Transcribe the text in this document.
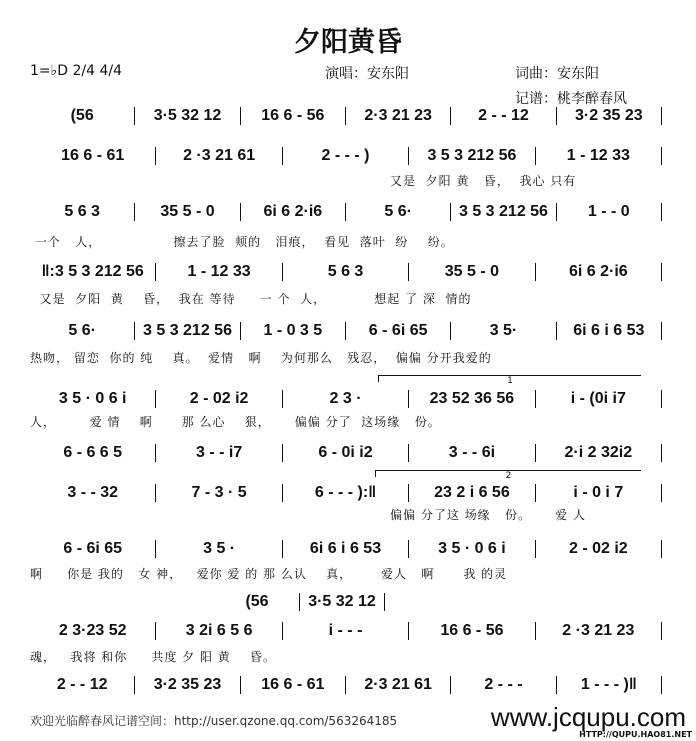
夕阳黄昏
1=♭D 2/4 4/4	演唱：安东阳	词曲：安东阳
记谱：桃李醉春风
(56	3·5 32 12	16 6 - 56	2·3 21 23	2 - - 12	3·2 35 23
16 6 - 61	2 ·3 21 61	2 - - - )	3 5 3 212 56	1 - 12 33
又是  夕阳 黄   昏，  我心 只有
5 6 3	35 5 - 0	6i 6 2·i6	5 6·	3 5 3 212 56	1 - - 0
一个   人，               擦去了脸  颊的   泪痕，  看见  落叶  纷    纷。
‖:3 5 3 212 56	1 - 12 33	5 6 3	35 5 - 0	6i 6 2·i6
又是  夕阳  黄    昏，  我在 等待     一 个  人，          想起 了 深  情的
5 6·	3 5 3 212 56	1 - 0 3 5	6 - 6i 65	3 5·	6i 6 i 6 53
热吻， 留恋  你的 纯    真。  爱情   啊    为何那么   残忍，  偏偏 分开我爱的
3 5 · 0 6 i	2 - 02 i2	2 3 ·	23 52 36 56	i - (0i i7
人，       爱 情    啊      那 么心    狠，     偏偏 分了  这场缘   份。
6 - 6 6 5	3 - - i7	6 - 0i i2	3 - - 6i	2·i 2 32i2
3 - - 32	7 - 3 · 5	6 - - - ):‖	23 2 i 6 56	i - 0 i 7
偏偏 分了这 场缘   份。     爱 人
6 - 6i 65	3 5 ·	6i 6 i 6 53	3 5 · 0 6 i	2 - 02 i2
啊     你是 我的   女 神，   爱你 爱 的 那 么认    真，      爱人   啊      我 的灵
(56	3·5 32 12
2 3·23 52	3 2i 6 5 6	i - - -	16 6 - 56	2 ·3 21 23
魂，   我将 和你     共度 夕 阳 黄    昏。
2 - - 12	3·2 35 23	16 6 - 61	2·3 21 61	2 - - -	1 - - - )‖
1
2
欢迎光临醉春风记谱空间：http://user.qzone.qq.com/563264185	www.jcqupu.com
HTTP://QUPU.HAO81.NET
